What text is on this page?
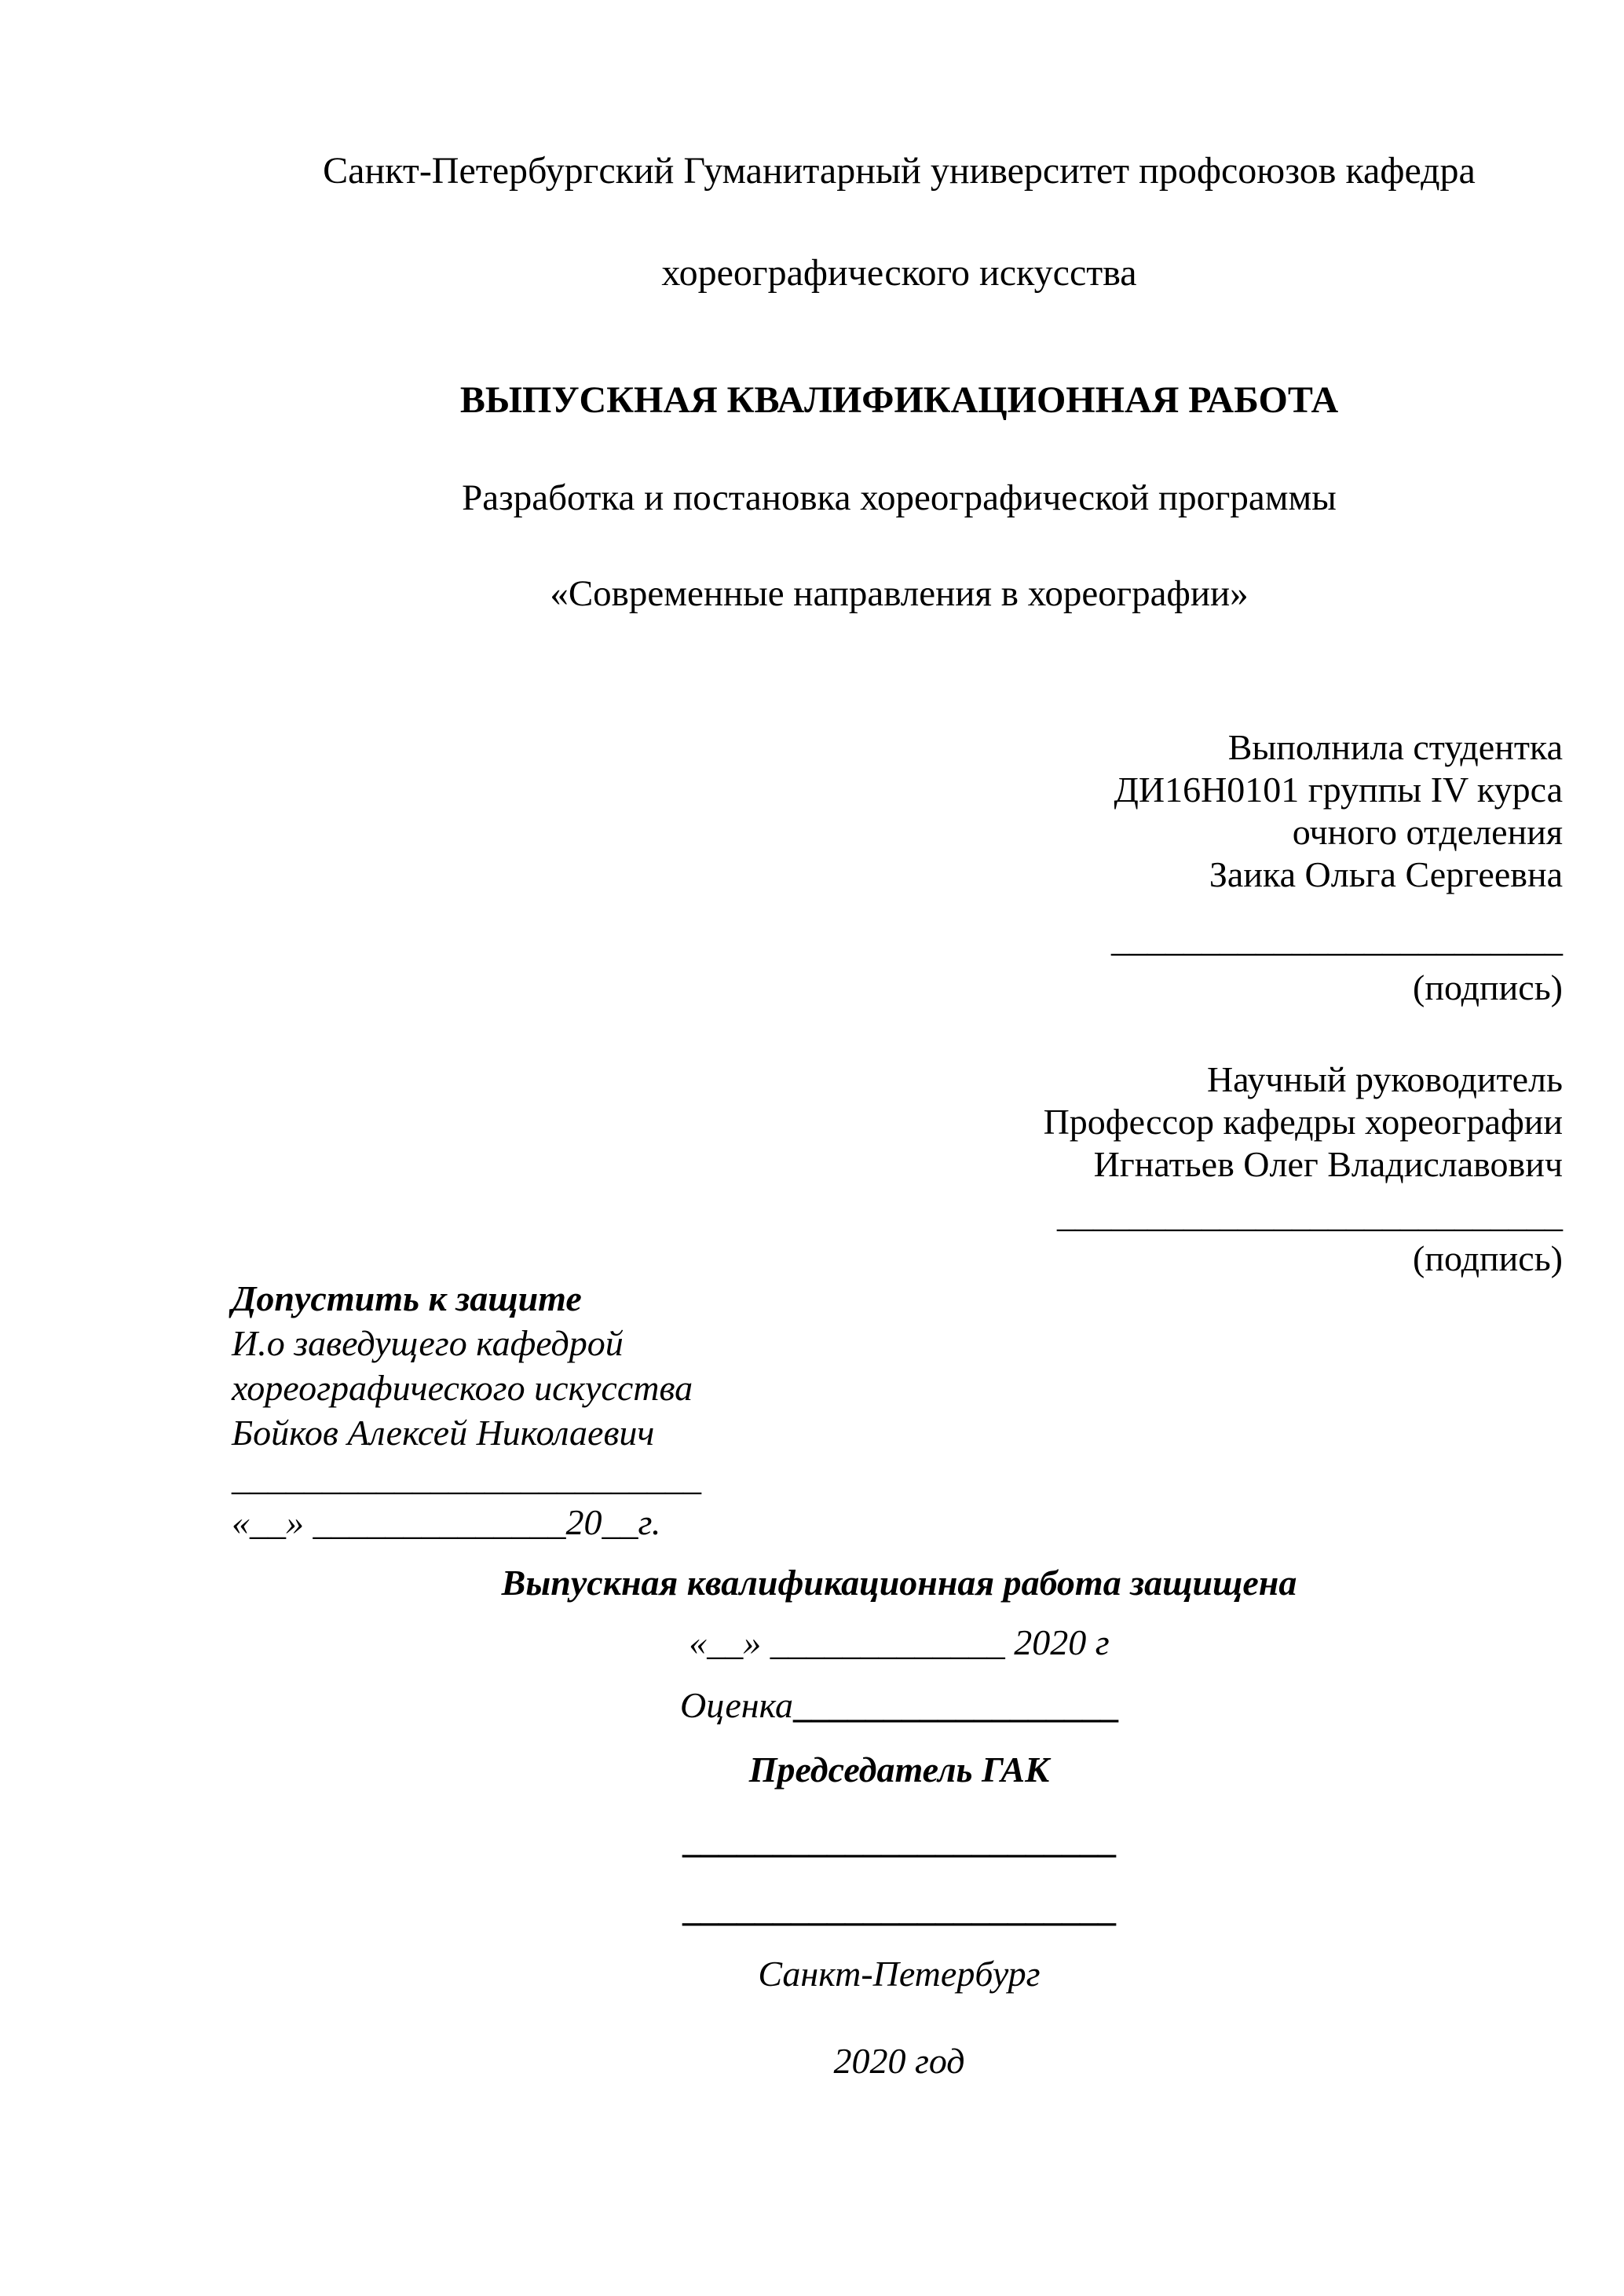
Санкт-Петербургский Гуманитарный университет профсоюзов кафедра
хореографического искусства
ВЫПУСКНАЯ КВАЛИФИКАЦИОННАЯ РАБОТА
Разработка и постановка хореографической программы
«Современные направления в хореографии»
Выполнила студентка
ДИ16Н0101 группы IV курса
очного отделения
Заика Ольга Сергеевна
_________________________
(подпись)
Научный руководитель
Профессор кафедры хореографии
Игнатьев Олег Владиславович
____________________________
(подпись)
Допустить к защите
И.о заведущего кафедрой
хореографического искусства
Бойков Алексей Николаевич
__________________________
«__» ______________20__г.
Выпускная квалификационная работа защищена
«__» _____________ 2020 г
Оценка__________________
Председатель ГАК
________________________
________________________
Санкт-Петербург
2020 год
